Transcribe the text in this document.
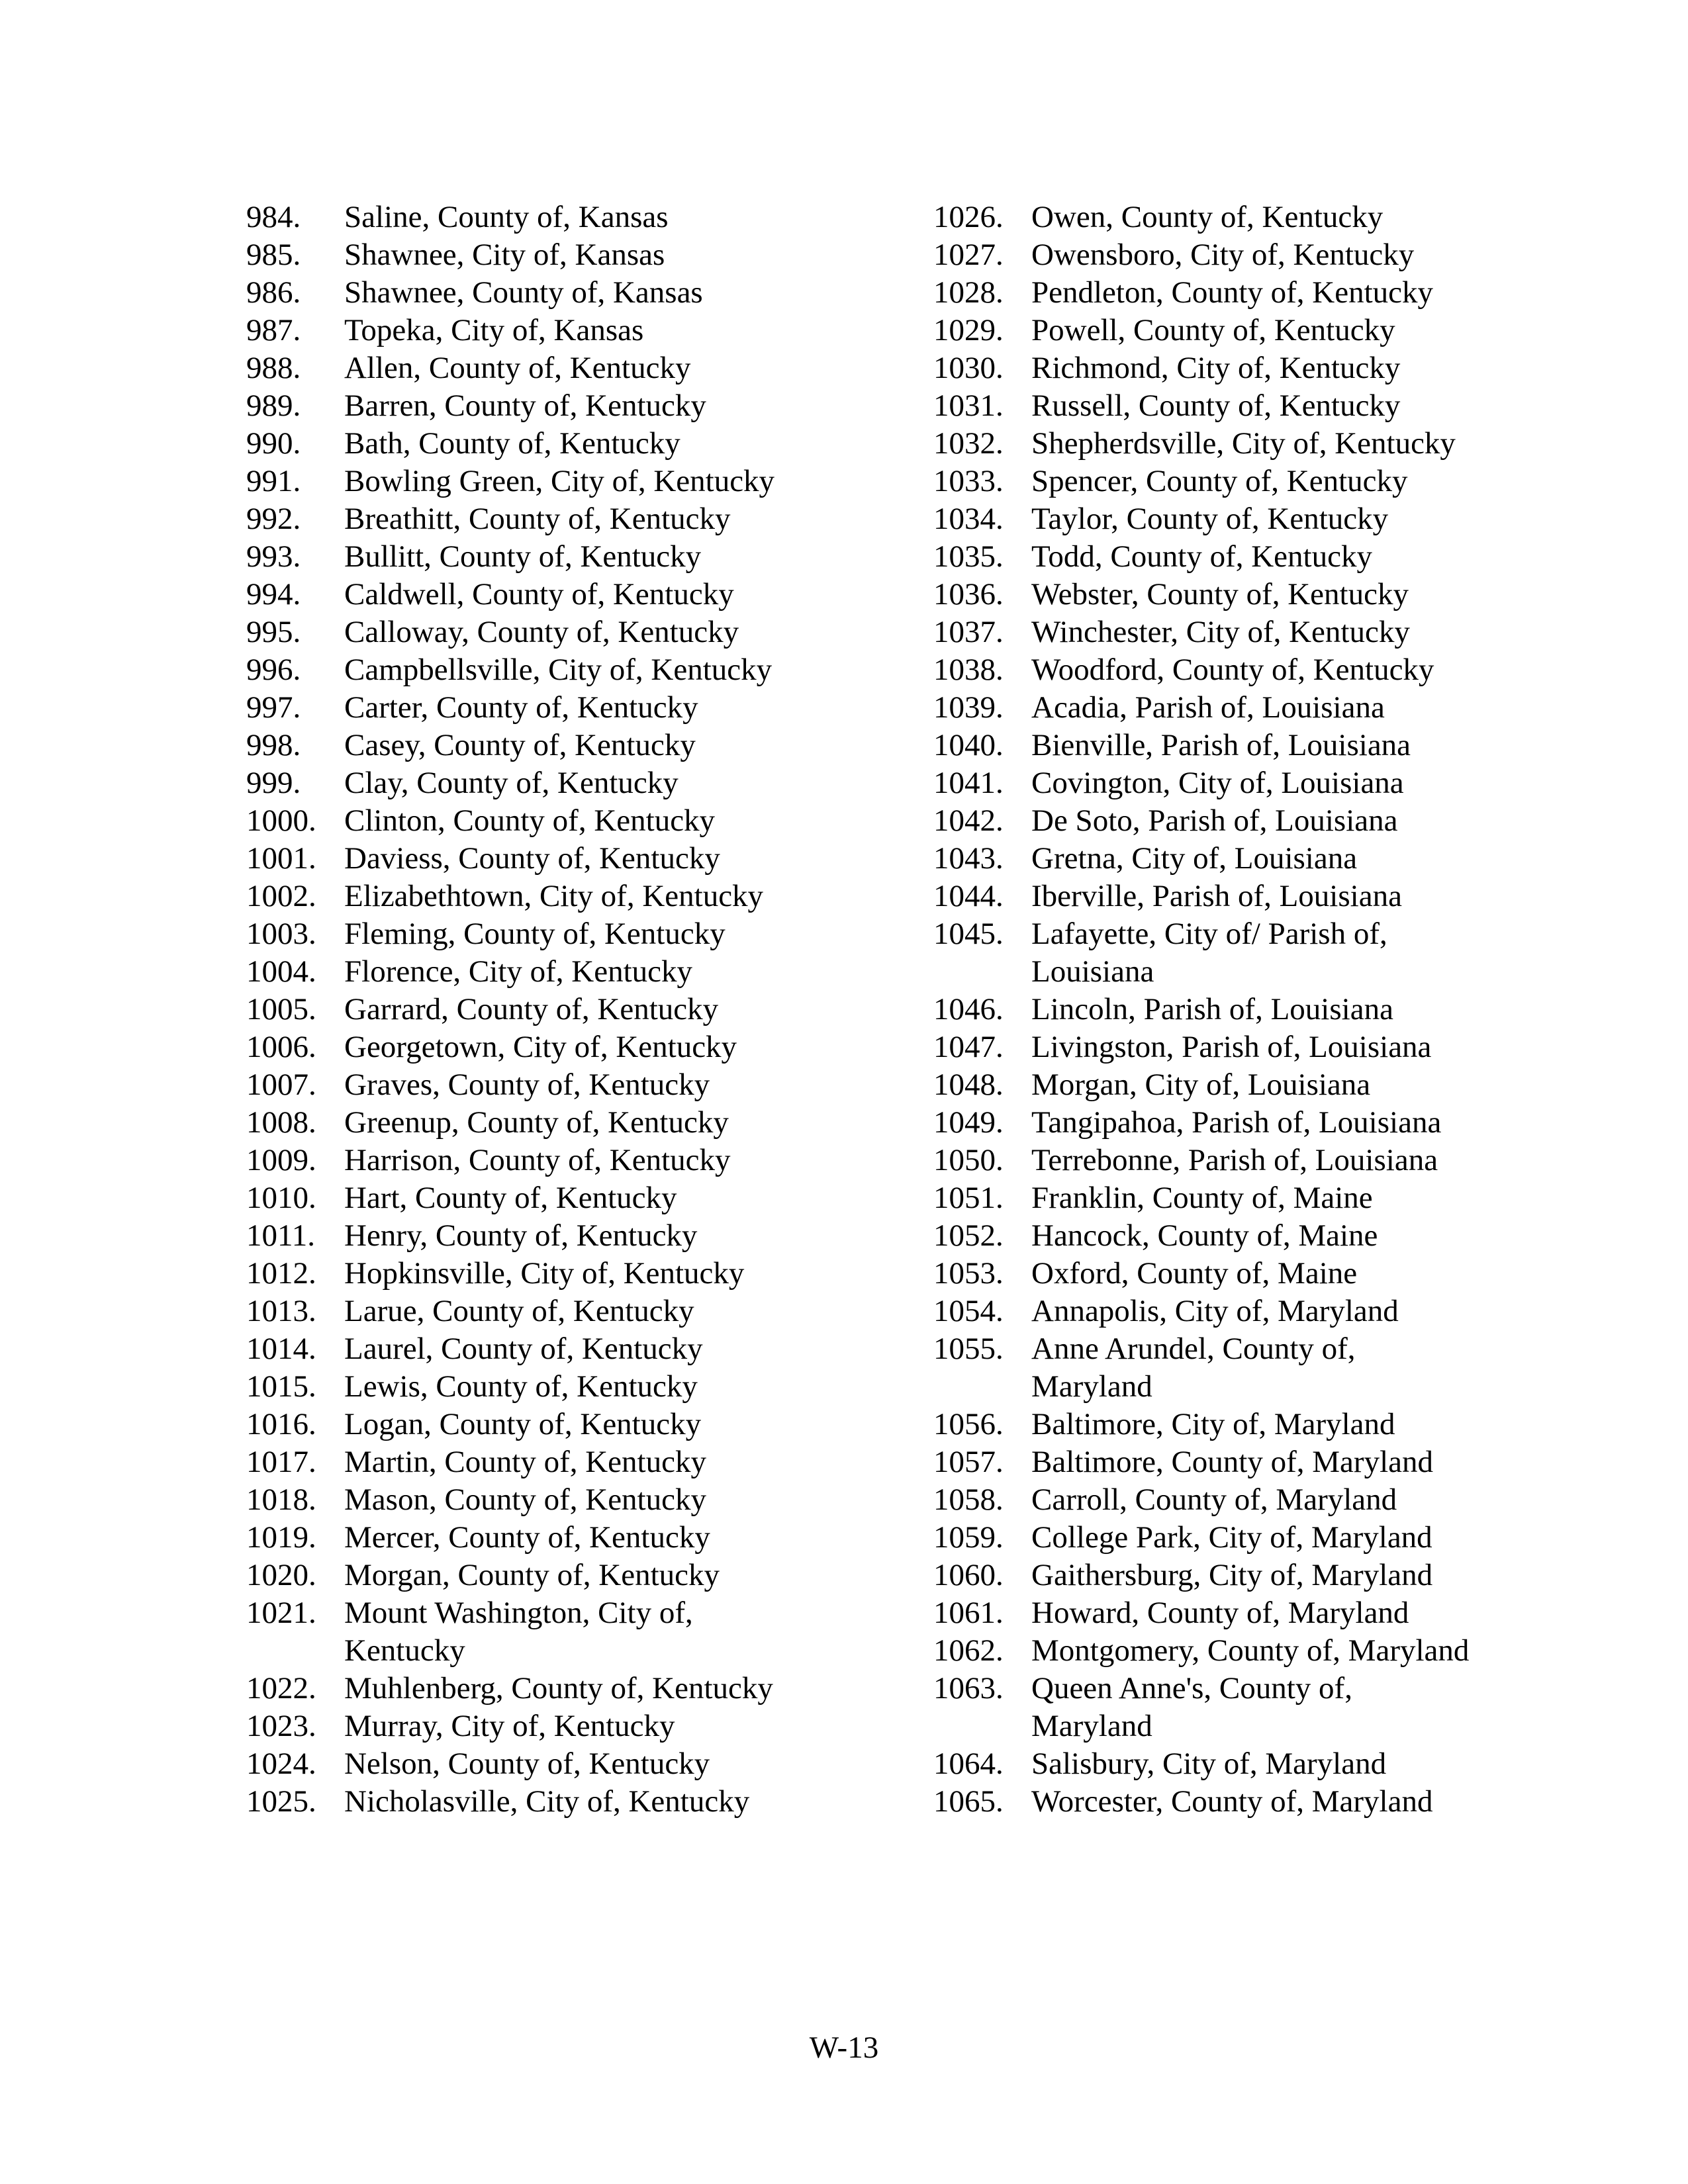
984.	Saline, County of, Kansas
985.	Shawnee, City of, Kansas
986.	Shawnee, County of, Kansas
987.	Topeka, City of, Kansas
988.	Allen, County of, Kentucky
989.	Barren, County of, Kentucky
990.	Bath, County of, Kentucky
991.	Bowling Green, City of, Kentucky
992.	Breathitt, County of, Kentucky
993.	Bullitt, County of, Kentucky
994.	Caldwell, County of, Kentucky
995.	Calloway, County of, Kentucky
996.	Campbellsville, City of, Kentucky
997.	Carter, County of, Kentucky
998.	Casey, County of, Kentucky
999.	Clay, County of, Kentucky
1000. Clinton, County of, Kentucky
1001. Daviess, County of, Kentucky
1002. Elizabethtown, City of, Kentucky
1003. Fleming, County of, Kentucky
1004. Florence, City of, Kentucky
1005. Garrard, County of, Kentucky
1006. Georgetown, City of, Kentucky
1007. Graves, County of, Kentucky
1008. Greenup, County of, Kentucky
1009. Harrison, County of, Kentucky
1010. Hart, County of, Kentucky
1011. Henry, County of, Kentucky
1012. Hopkinsville, City of, Kentucky
1013. Larue, County of, Kentucky
1014. Laurel, County of, Kentucky
1015. Lewis, County of, Kentucky
1016. Logan, County of, Kentucky
1017. Martin, County of, Kentucky
1018. Mason, County of, Kentucky
1019. Mercer, County of, Kentucky
1020. Morgan, County of, Kentucky
1021. Mount Washington, City of, Kentucky
1022. Muhlenberg, County of, Kentucky
1023. Murray, City of, Kentucky
1024. Nelson, County of, Kentucky
1025. Nicholasville, City of, Kentucky
1026. Owen, County of, Kentucky
1027. Owensboro, City of, Kentucky
1028. Pendleton, County of, Kentucky
1029. Powell, County of, Kentucky
1030. Richmond, City of, Kentucky
1031. Russell, County of, Kentucky
1032. Shepherdsville, City of, Kentucky
1033. Spencer, County of, Kentucky
1034. Taylor, County of, Kentucky
1035. Todd, County of, Kentucky
1036. Webster, County of, Kentucky
1037. Winchester, City of, Kentucky
1038. Woodford, County of, Kentucky
1039. Acadia, Parish of, Louisiana
1040. Bienville, Parish of, Louisiana
1041. Covington, City of, Louisiana
1042. De Soto, Parish of, Louisiana
1043. Gretna, City of, Louisiana
1044. Iberville, Parish of, Louisiana
1045. Lafayette, City of/ Parish of, Louisiana
1046. Lincoln, Parish of, Louisiana
1047. Livingston, Parish of, Louisiana
1048. Morgan, City of, Louisiana
1049. Tangipahoa, Parish of, Louisiana
1050. Terrebonne, Parish of, Louisiana
1051. Franklin, County of, Maine
1052. Hancock, County of, Maine
1053. Oxford, County of, Maine
1054. Annapolis, City of, Maryland
1055. Anne Arundel, County of, Maryland
1056. Baltimore, City of, Maryland
1057. Baltimore, County of, Maryland
1058. Carroll, County of, Maryland
1059. College Park, City of, Maryland
1060. Gaithersburg, City of, Maryland
1061. Howard, County of, Maryland
1062. Montgomery, County of, Maryland
1063. Queen Anne's, County of, Maryland
1064. Salisbury, City of, Maryland
1065. Worcester, County of, Maryland
W-13
